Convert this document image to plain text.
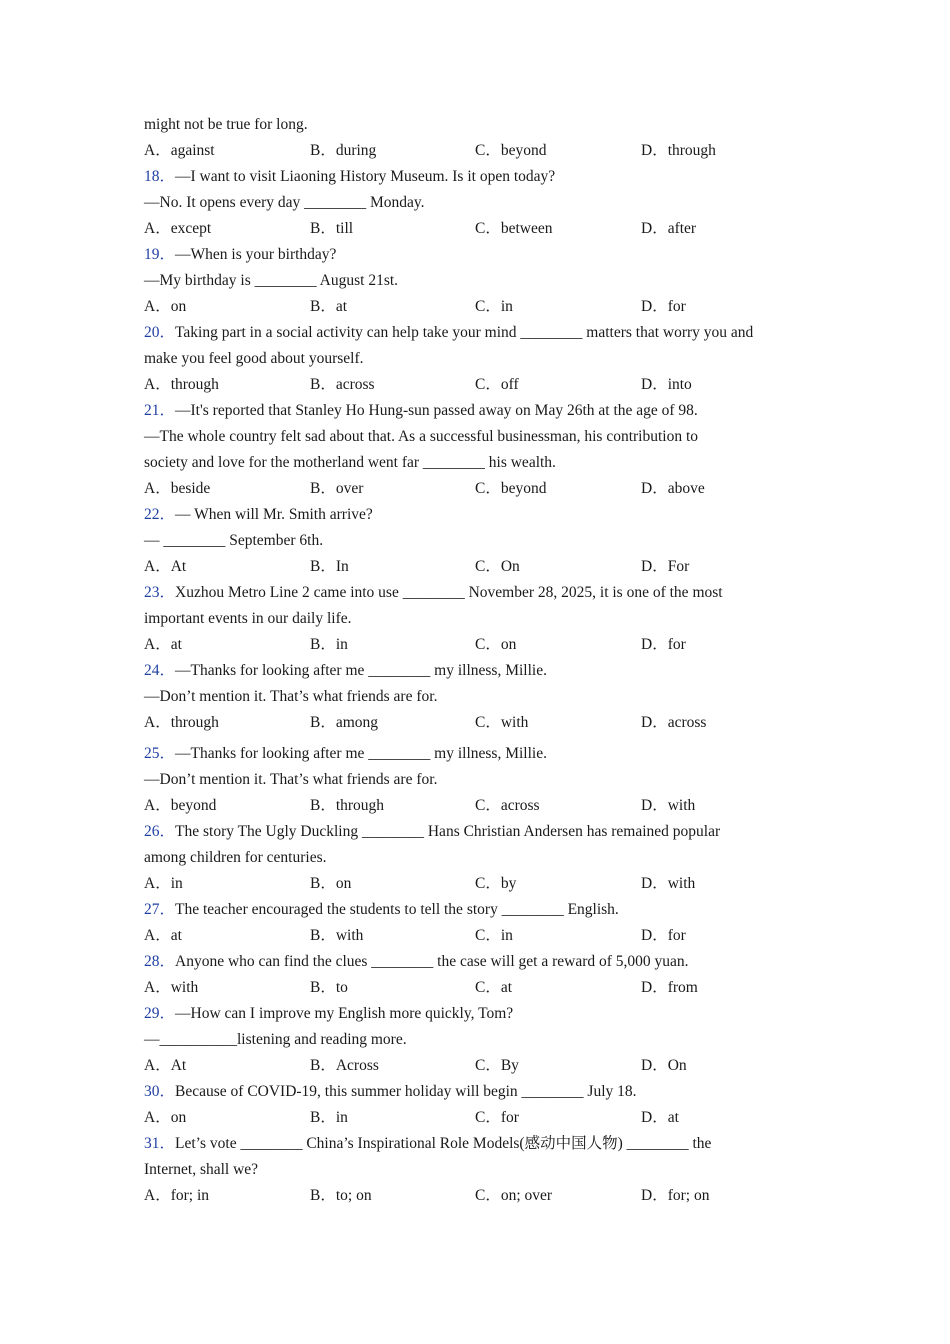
might not be true for long.
A．against	B．during	C．beyond	D．through
18．—I want to visit Liaoning History Museum. Is it open today?
—No. It opens every day ________ Monday.
A．except	B．till	C．between	D．after
19．—When is your birthday?
—My birthday is ________ August 21st.
A．on	B．at	C．in	D．for
20．Taking part in a social activity can help take your mind ________ matters that worry you and
make you feel good about yourself.
A．through	B．across	C．off	D．into
21．—It's reported that Stanley Ho Hung-sun passed away on May 26th at the age of 98.
—The whole country felt sad about that. As a successful businessman, his contribution to
society and love for the motherland went far ________ his wealth.
A．beside	B．over	C．beyond	D．above
22．— When will Mr. Smith arrive?
— ________ September 6th.
A．At	B．In	C．On	D．For
23．Xuzhou Metro Line 2 came into use ________ November 28, 2025, it is one of the most
important events in our daily life.
A．at	B．in	C．on	D．for
24．—Thanks for looking after me ________ my illness, Millie.
—Don’t mention it. That’s what friends are for.
A．through	B．among	C．with	D．across
25．—Thanks for looking after me ________ my illness, Millie.
—Don’t mention it. That’s what friends are for.
A．beyond	B．through	C．across	D．with
26．The story The Ugly Duckling ________ Hans Christian Andersen has remained popular
among children for centuries.
A．in	B．on	C．by	D．with
27．The teacher encouraged the students to tell the story ________ English.
A．at	B．with	C．in	D．for
28．Anyone who can find the clues ________ the case will get a reward of 5,000 yuan.
A．with	B．to	C．at	D．from
29．—How can I improve my English more quickly, Tom?
—__________listening and reading more.
A．At	B．Across	C．By	D．On
30．Because of COVID-19, this summer holiday will begin ________ July 18.
A．on	B．in	C．for	D．at
31．Let’s vote ________ China’s Inspirational Role Models(感动中国人物) ________ the
Internet, shall we?
A．for; in	B．to; on	C．on; over	D．for; on
